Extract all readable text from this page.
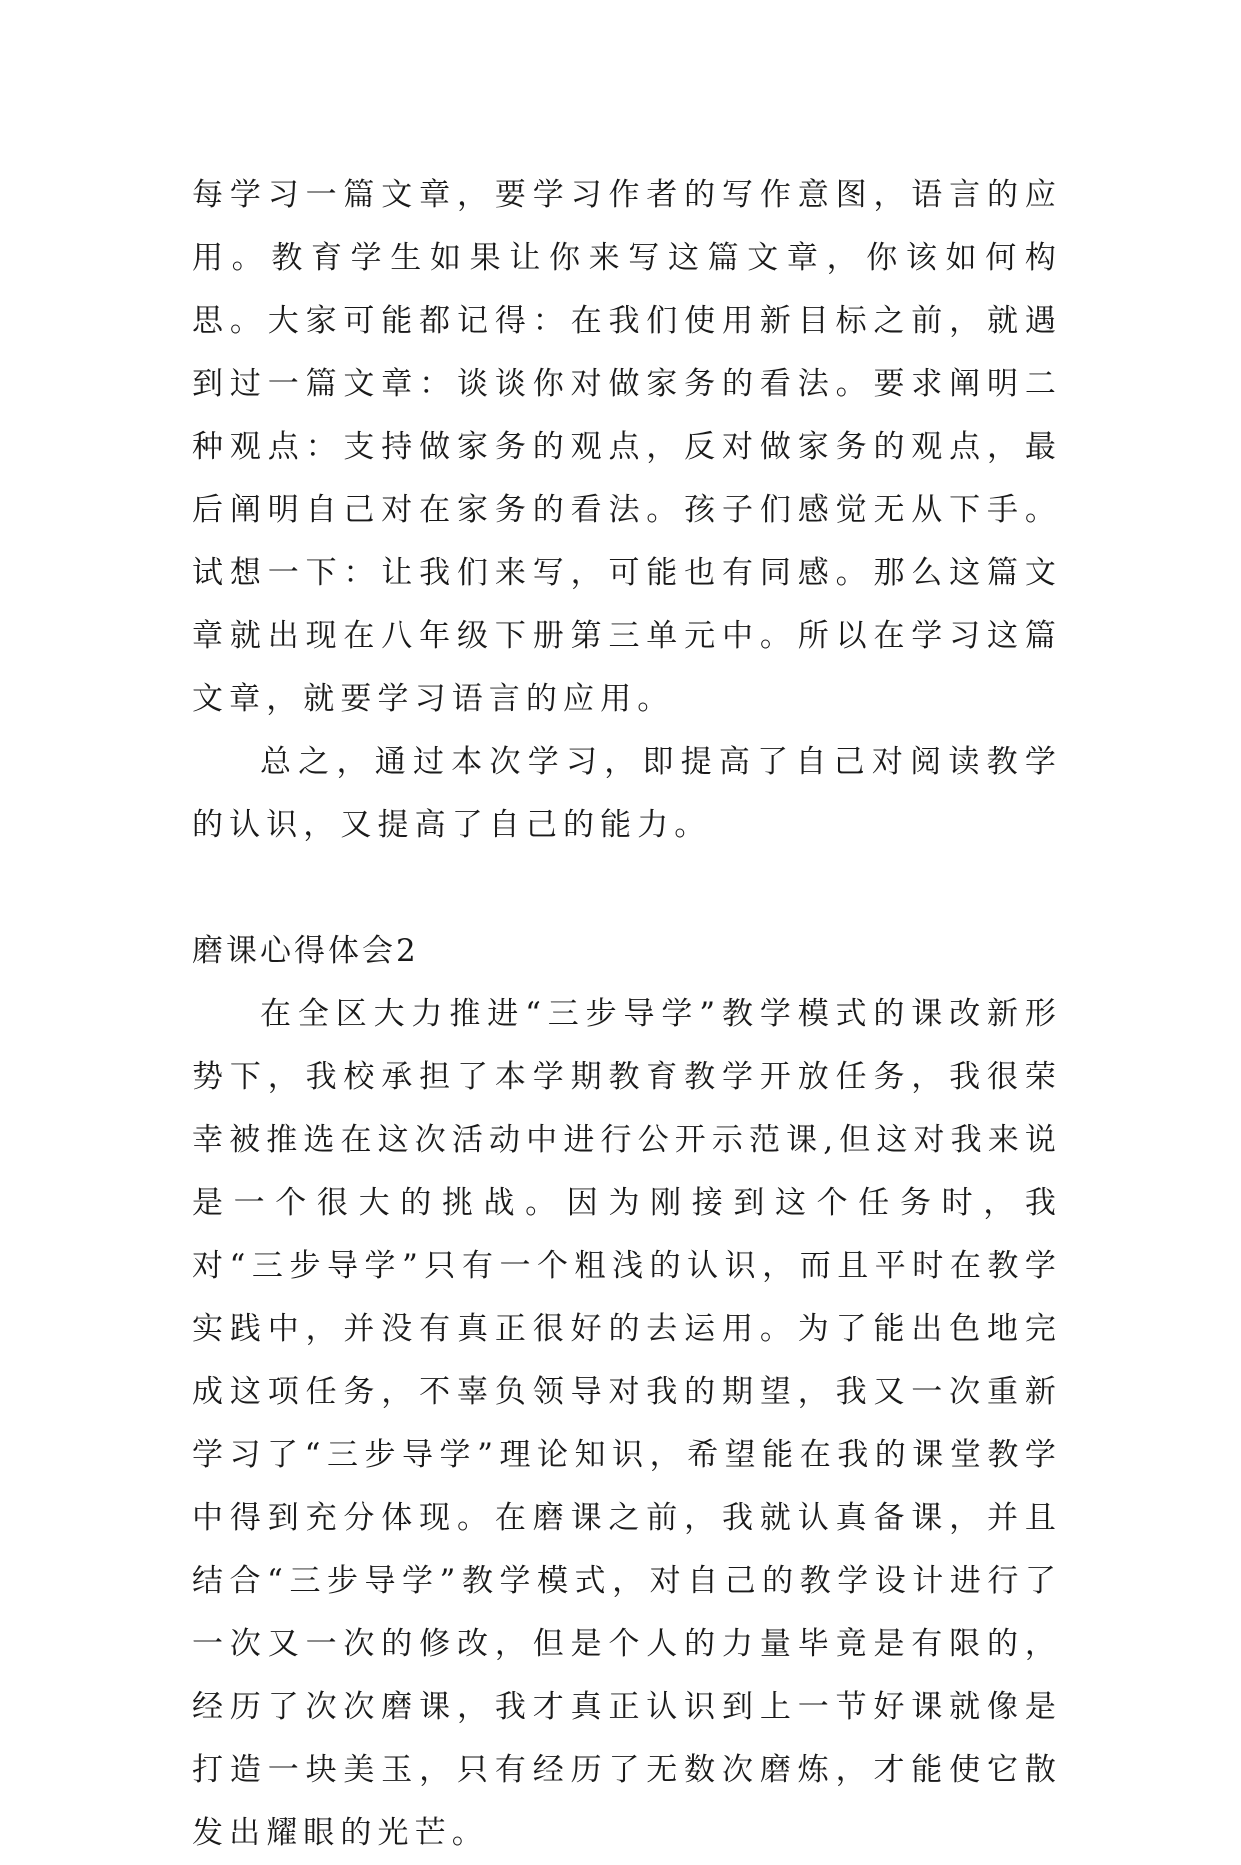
每学习一篇文章，要学习作者的写作意图，语言的应用。教育学生如果让你来写这篇文章，你该如何构思。大家可能都记得：在我们使用新目标之前，就遇到过一篇文章：谈谈你对做家务的看法。要求阐明二种观点：支持做家务的观点，反对做家务的观点，最后阐明自己对在家务的看法。孩子们感觉无从下手。试想一下：让我们来写，可能也有同感。那么这篇文章就出现在八年级下册第三单元中。所以在学习这篇文章，就要学习语言的应用。

总之，通过本次学习，即提高了自己对阅读教学的认识，又提高了自己的能力。

磨课心得体会2

在全区大力推进“三步导学”教学模式的课改新形势下，我校承担了本学期教育教学开放任务，我很荣幸被推选在这次活动中进行公开示范课,但这对我来说是一个很大的挑战。因为刚接到这个任务时，我对“三步导学”只有一个粗浅的认识，而且平时在教学实践中，并没有真正很好的去运用。为了能出色地完成这项任务，不辜负领导对我的期望，我又一次重新学习了“三步导学”理论知识，希望能在我的课堂教学中得到充分体现。在磨课之前，我就认真备课，并且结合“三步导学”教学模式，对自己的教学设计进行了一次又一次的修改，但是个人的力量毕竟是有限的，经历了次次磨课，我才真正认识到上一节好课就像是打造一块美玉，只有经历了无数次磨炼，才能使它散发出耀眼的光芒。
